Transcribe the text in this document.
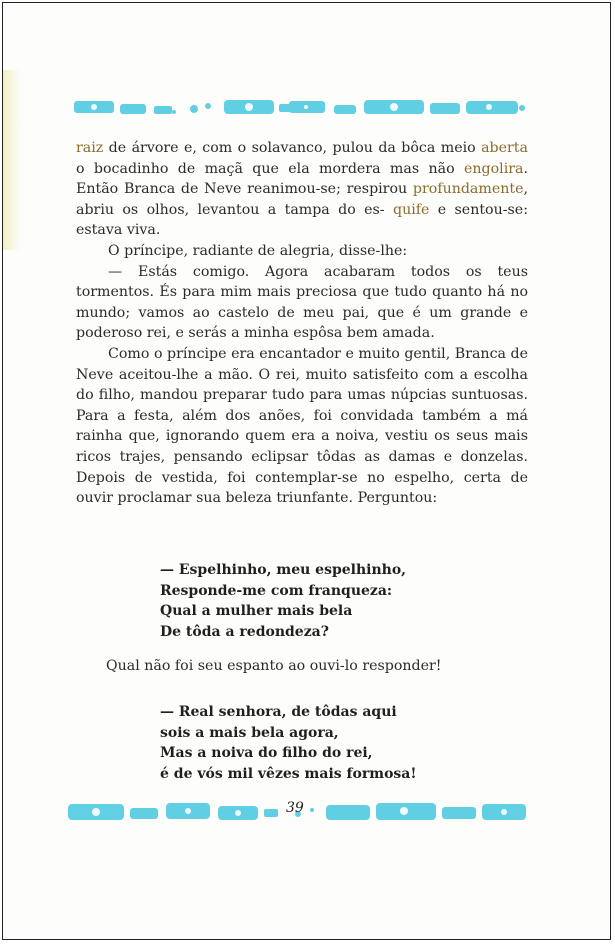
raiz de árvore e, com o solavanco, pulou da bôca meio aberta o bocadinho de maçã que ela mordera mas não engolira. Então Branca de Neve reanimou-se; respirou profundamente, abriu os olhos, levantou a tampa do es- quife e sentou-se: estava viva.

O príncipe, radiante de alegria, disse-lhe:

— Estás comigo. Agora acabaram todos os teus tormentos. És para mim mais preciosa que tudo quanto há no mundo; vamos ao castelo de meu pai, que é um grande e poderoso rei, e serás a minha espôsa bem amada.

Como o príncipe era encantador e muito gentil, Branca de Neve aceitou-lhe a mão. O rei, muito satisfeito com a escolha do filho, mandou preparar tudo para umas núpcias suntuosas. Para a festa, além dos anões, foi convidada também a má rainha que, ignorando quem era a noiva, vestiu os seus mais ricos trajes, pensando eclipsar tôdas as damas e donzelas. Depois de vestida, foi contemplar-se no espelho, certa de ouvir proclamar sua beleza triunfante. Perguntou:

— Espelhinho, meu espelhinho,
Responde-me com franqueza:
Qual a mulher mais bela
De tôda a redondeza?
Qual não foi seu espanto ao ouvi-lo responder!
— Real senhora, de tôdas aqui
sois a mais bela agora,
Mas a noiva do filho do rei,
é de vós mil vêzes mais formosa!
39
